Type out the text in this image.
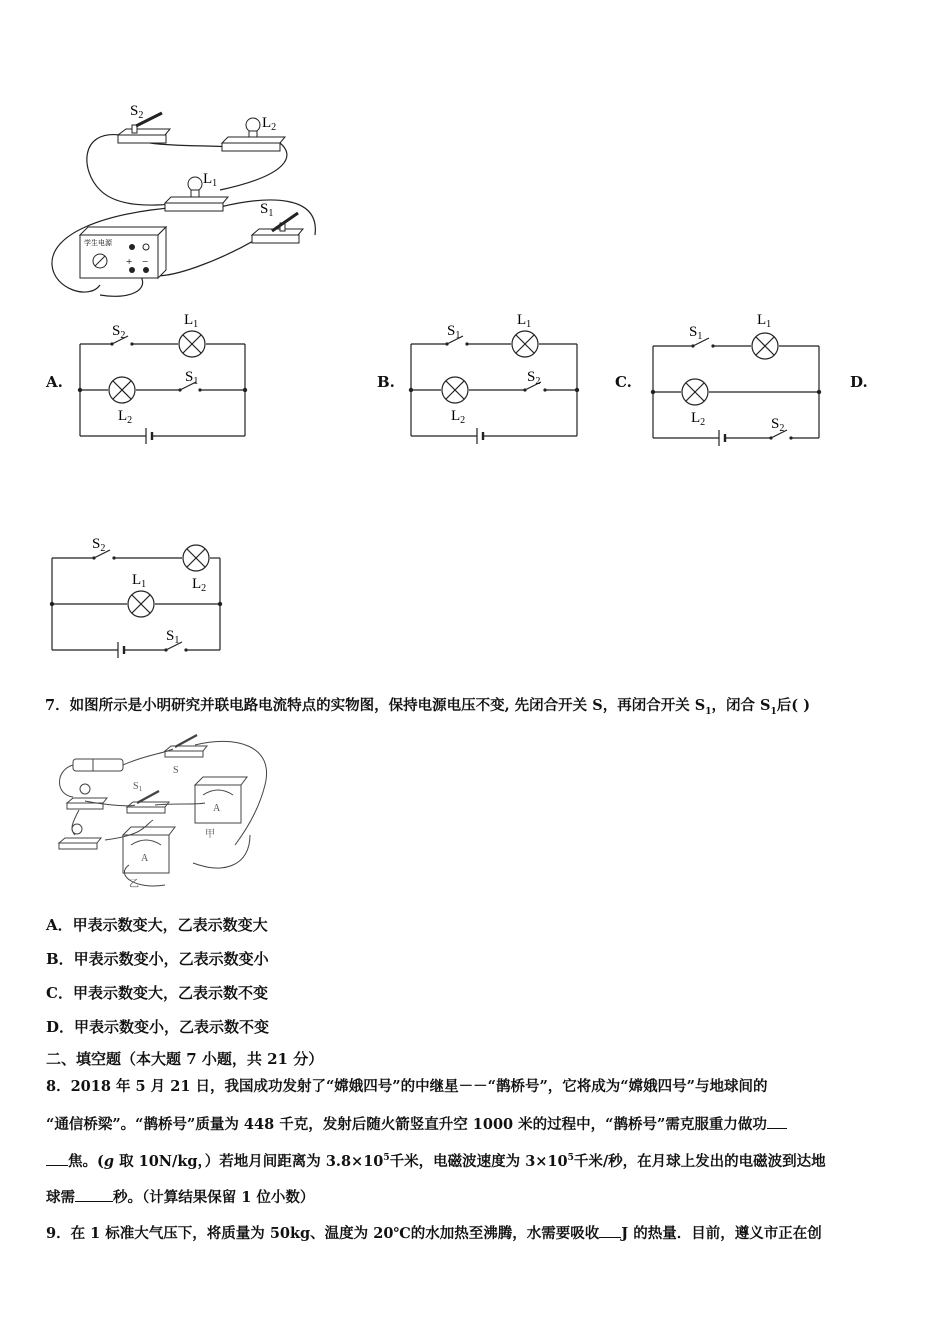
$S_2$	$L_2$
$L_1$
$S_1$
学生电源
+ −
A.
$S_2$
$L_1$
$S_1$
$L_2$
B.
$S_1$
$L_1$
$S_2$
$L_2$
C.
$S_1$
$L_1$
$L_2$	$S_2$
D.
$S_2$
$L_2$
$L_1$
$S_1$
7．如图所示是小明研究并联电路电流特点的实物图，保持电源电压不变, 先闭合开关 S，再闭合开关 $S_1$，闭合 $S_1$后( )
S
$S_1$
A
A
甲
乙
A．甲表示数变大，乙表示数变大
B．甲表示数变小，乙表示数变小
C．甲表示数变大，乙表示数不变
D．甲表示数变小，乙表示数不变
二、填空题（本大题 7 小题，共 21 分）
8．2018 年 5 月 21 日，我国成功发射了“嫦娥四号”的中继星－－“鹊桥号”，它将成为“嫦娥四号”与地球间的
“通信桥梁”。“鹊桥号”质量为 448 千克，发射后随火箭竖直升空 1000 米的过程中，“鹊桥号”需克服重力做功
焦。(g 取 10N/kg，）若地月间距离为 $3.8\times 10^5$千米，电磁波速度为 $3\times 10^5$千米/秒，在月球上发出的电磁波到达地
球需	秒。（计算结果保留 1 位小数）
9．在 1 标准大气压下，将质量为 50kg、温度为 20℃的水加热至沸腾，水需要吸收 J 的热量．目前，遵义市正在创
